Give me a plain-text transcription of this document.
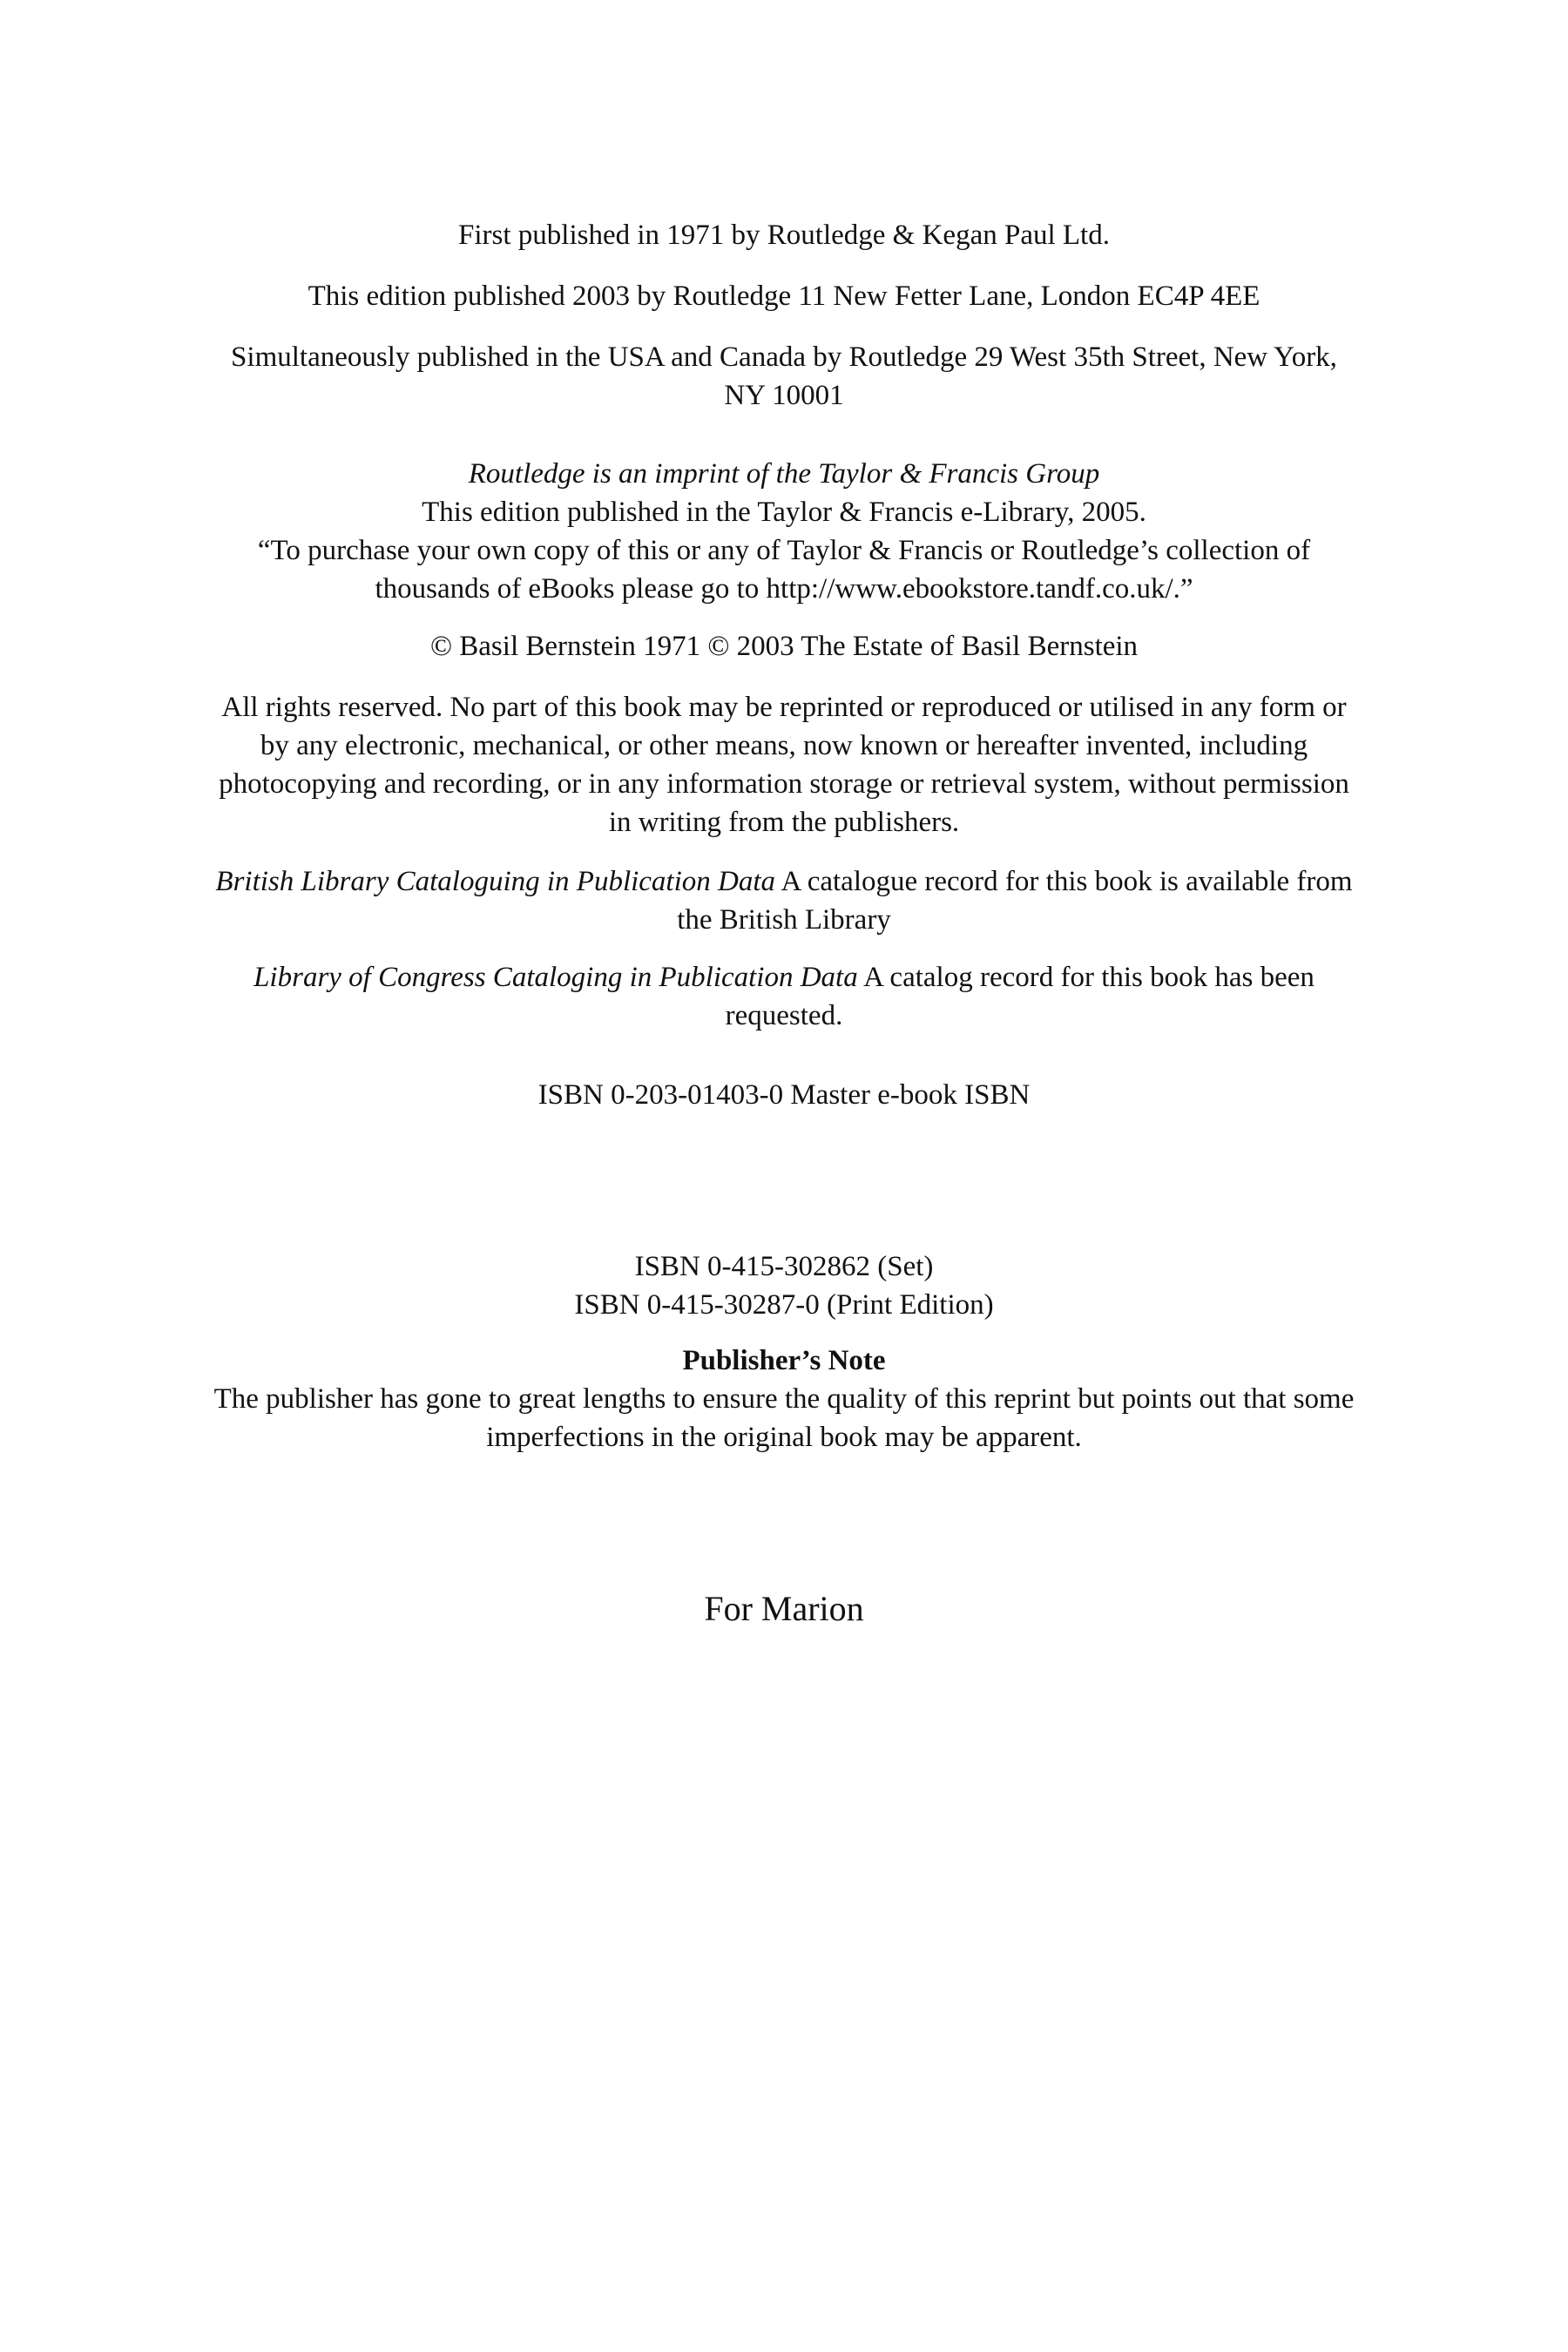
First published in 1971 by Routledge & Kegan Paul Ltd.

This edition published 2003 by Routledge 11 New Fetter Lane, London EC4P 4EE

Simultaneously published in the USA and Canada by Routledge 29 West 35th Street, New York,
NY 10001

Routledge is an imprint of the Taylor & Francis Group
This edition published in the Taylor & Francis e-Library, 2005.
“To purchase your own copy of this or any of Taylor & Francis or Routledge’s collection of
thousands of eBooks please go to http://www.ebookstore.tandf.co.uk/.”

© Basil Bernstein 1971 © 2003 The Estate of Basil Bernstein

All rights reserved. No part of this book may be reprinted or reproduced or utilised in any form or
by any electronic, mechanical, or other means, now known or hereafter invented, including
photocopying and recording, or in any information storage or retrieval system, without permission
in writing from the publishers.
British Library Cataloguing in Publication Data A catalogue record for this book is available from
the British Library
Library of Congress Cataloging in Publication Data A catalog record for this book has been
requested.

ISBN 0-203-01403-0 Master e-book ISBN

ISBN 0-415-302862 (Set)
ISBN 0-415-30287-0 (Print Edition)
Publisher’s Note
The publisher has gone to great lengths to ensure the quality of this reprint but points out that some
imperfections in the original book may be apparent.

For Marion
